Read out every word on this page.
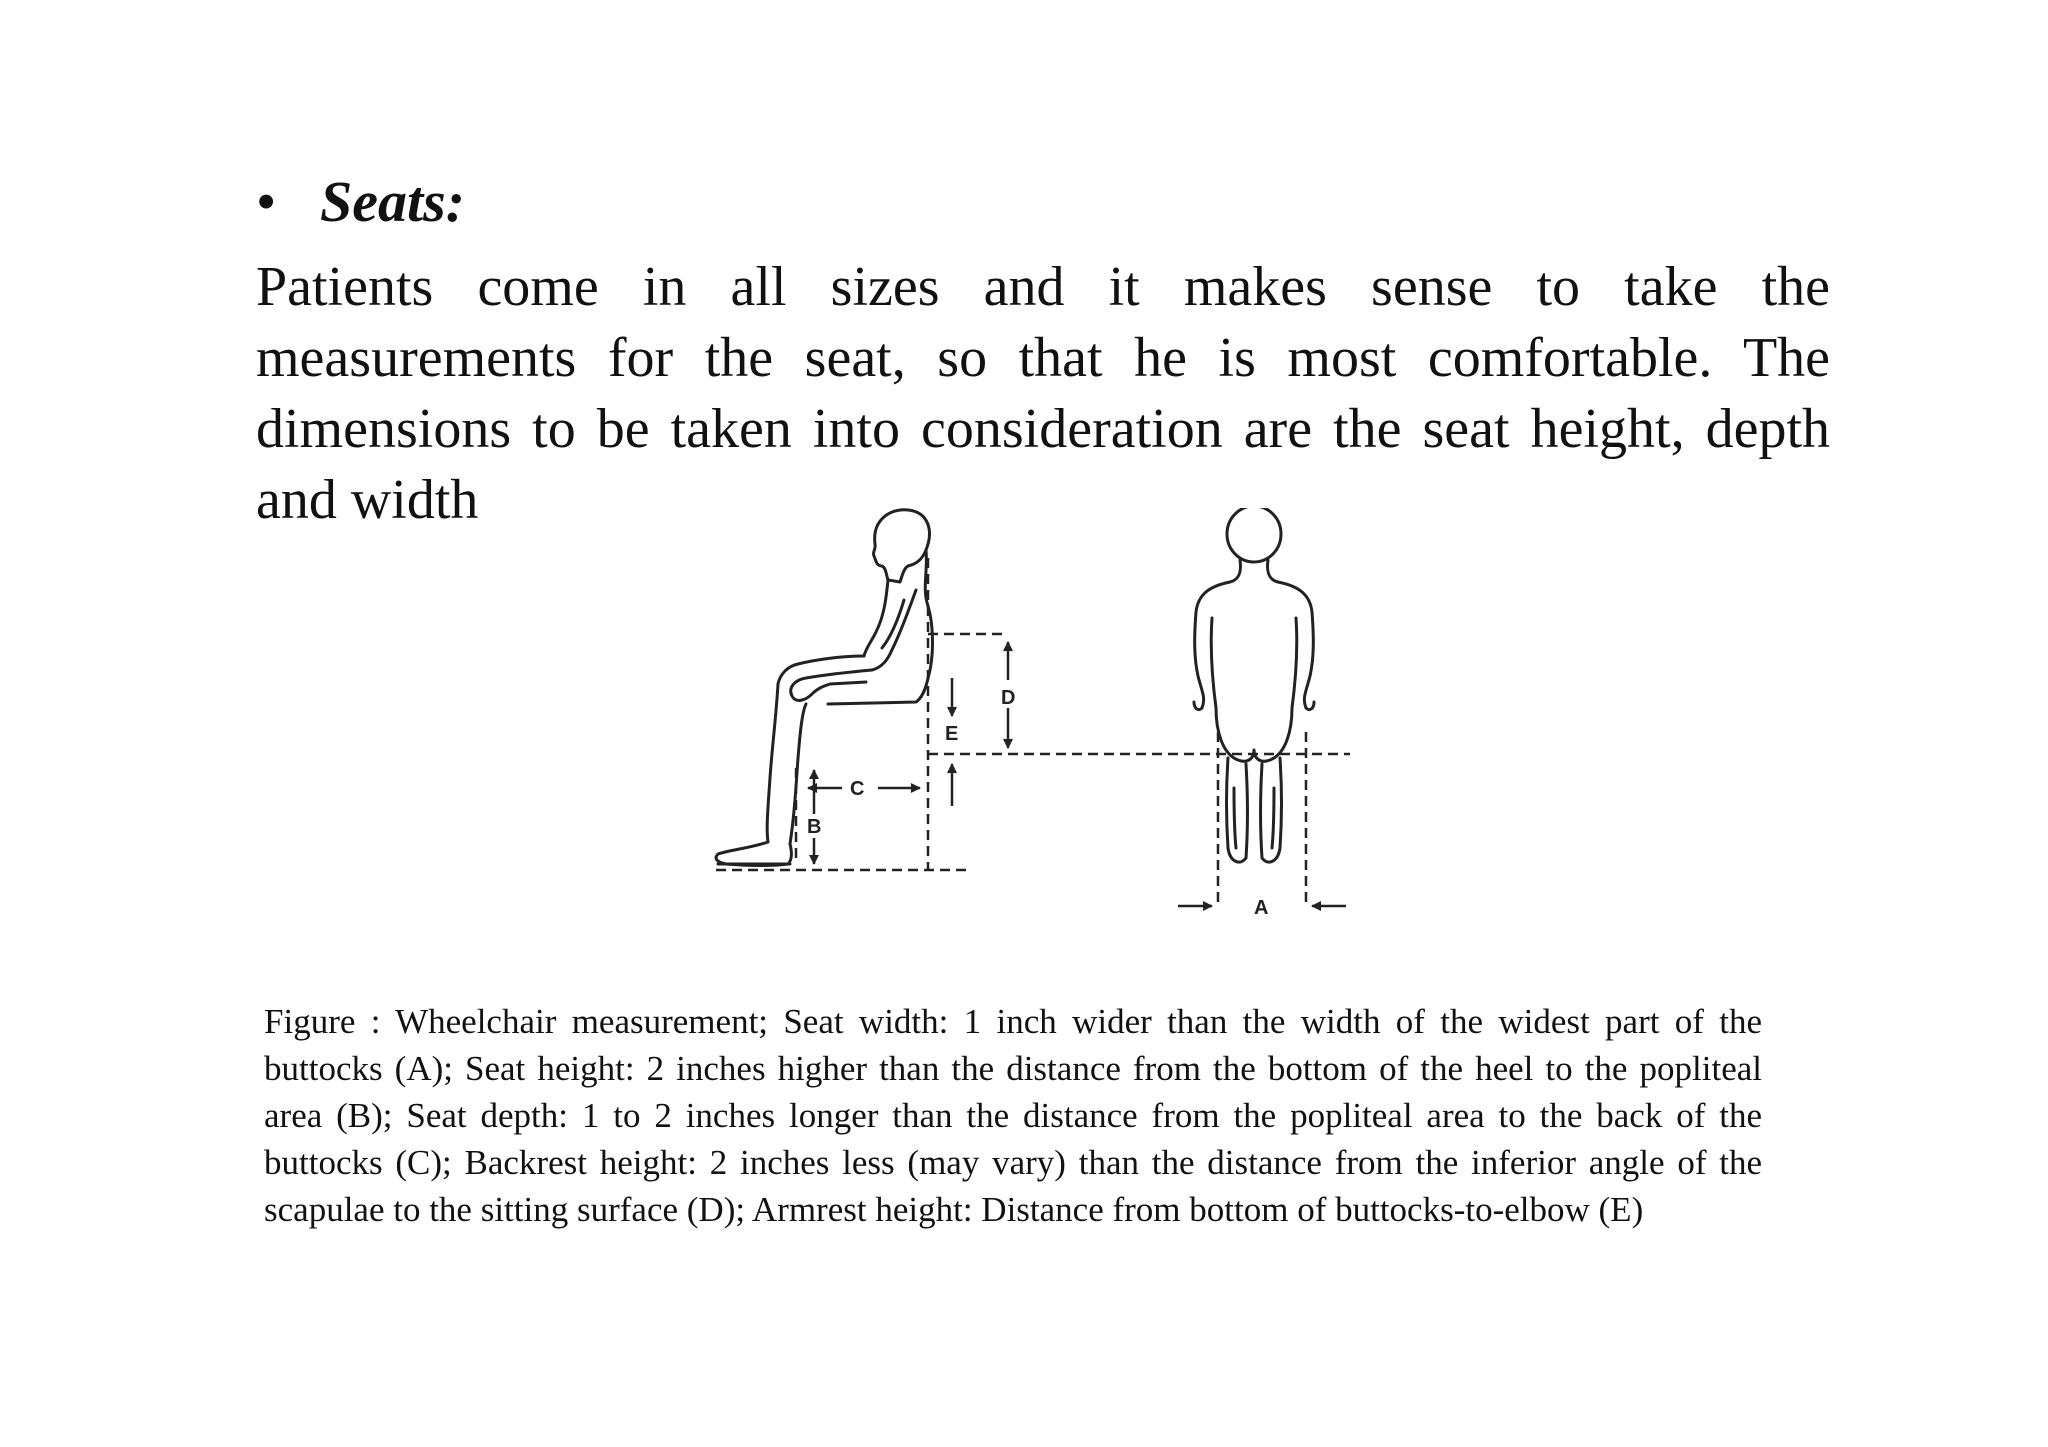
• Seats:

Patients come in all sizes and it makes sense to take the measurements for the seat, so that he is most comfortable. The dimensions to be taken into consideration are the seat height, depth and width

D
E
C
B
A

Figure : Wheelchair measurement; Seat width: 1 inch wider than the width of the widest part of the buttocks (A); Seat height: 2 inches higher than the distance from the bottom of the heel to the popliteal area (B); Seat depth: 1 to 2 inches longer than the distance from the popliteal area to the back of the buttocks (C); Backrest height: 2 inches less (may vary) than the distance from the inferior angle of the scapulae to the sitting surface (D); Armrest height: Distance from bottom of buttocks-to-elbow (E)
